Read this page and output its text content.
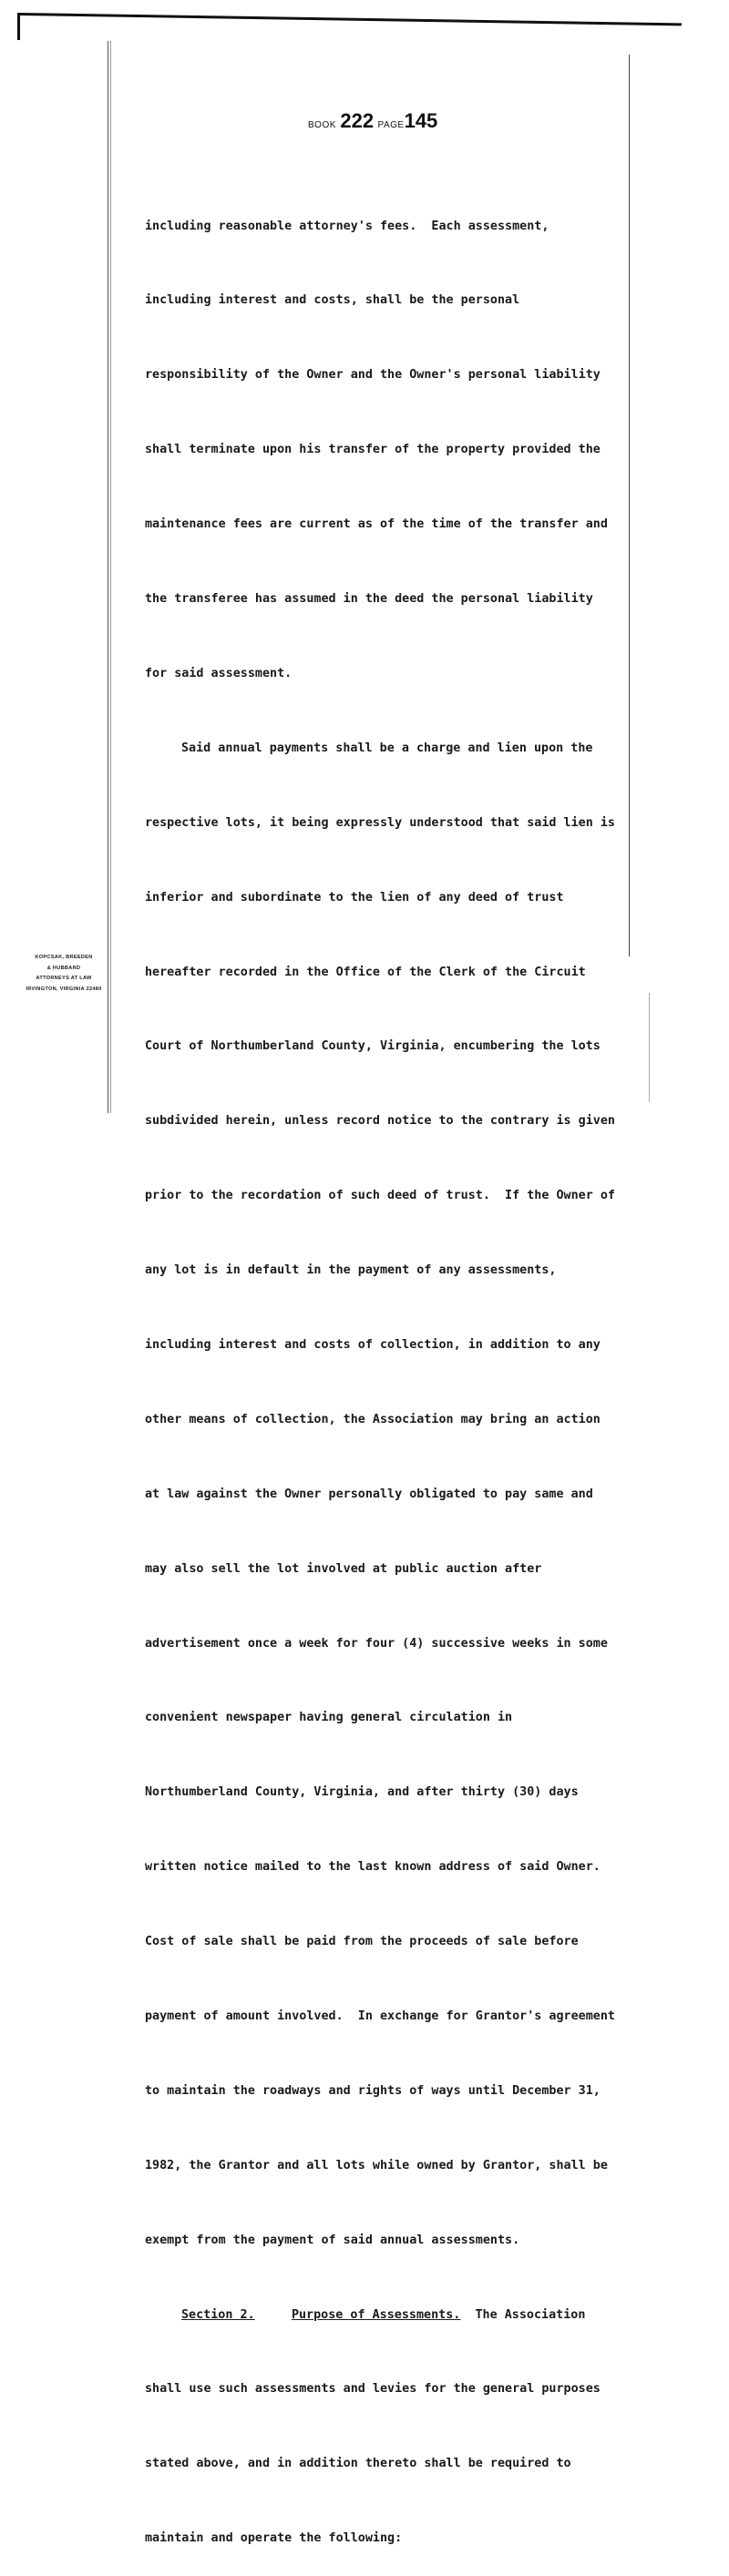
BOOK 222 PAGE145

including reasonable attorney's fees.  Each assessment,

including interest and costs, shall be the personal

responsibility of the Owner and the Owner's personal liability

shall terminate upon his transfer of the property provided the

maintenance fees are current as of the time of the transfer and

the transferee has assumed in the deed the personal liability

for said assessment.

Said annual payments shall be a charge and lien upon the

respective lots, it being expressly understood that said lien is

inferior and subordinate to the lien of any deed of trust

hereafter recorded in the Office of the Clerk of the Circuit

Court of Northumberland County, Virginia, encumbering the lots

subdivided herein, unless record notice to the contrary is given

prior to the recordation of such deed of trust.  If the Owner of

any lot is in default in the payment of any assessments,

including interest and costs of collection, in addition to any

other means of collection, the Association may bring an action

at law against the Owner personally obligated to pay same and

may also sell the lot involved at public auction after

advertisement once a week for four (4) successive weeks in some

convenient newspaper having general circulation in

Northumberland County, Virginia, and after thirty (30) days

written notice mailed to the last known address of said Owner.

Cost of sale shall be paid from the proceeds of sale before

payment of amount involved.  In exchange for Grantor's agreement

to maintain the roadways and rights of ways until December 31,

1982, the Grantor and all lots while owned by Grantor, shall be

exempt from the payment of said annual assessments.

Section 2.	Purpose of Assessments. The Association

shall use such assessments and levies for the general purposes

stated above, and in addition thereto shall be required to

maintain and operate the following:

KOPCSAK, BREEDEN
& HUBBARD
ATTORNEYS AT LAW
IRVINGTON, VIRGINIA 22480
